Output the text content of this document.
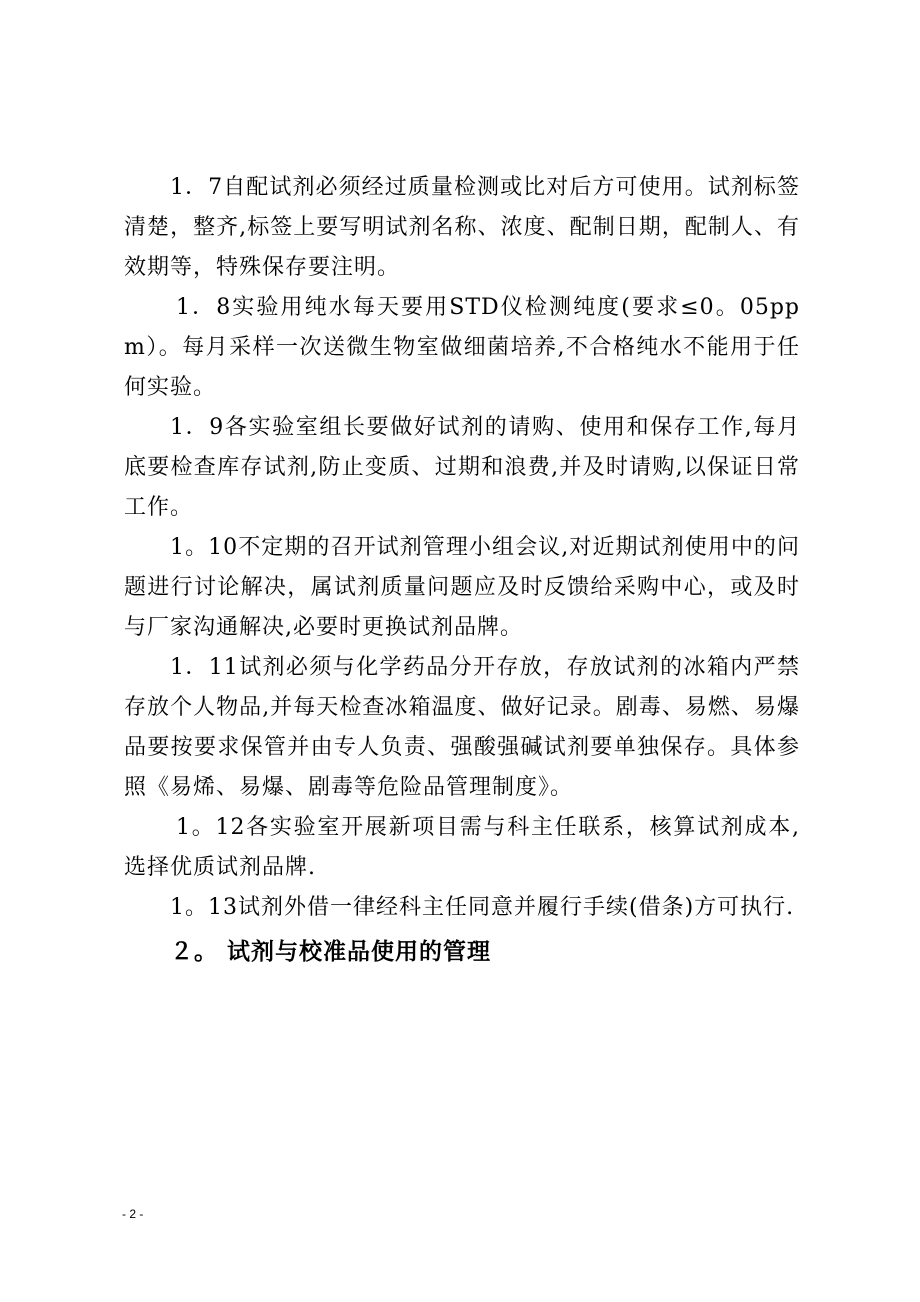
1．7自配试剂必须经过质量检测或比对后方可使用。试剂标签清楚，整齐,标签上要写明试剂名称、浓度、配制日期，配制人、有效期等，特殊保存要注明。

1．8实验用纯水每天要用STD仪检测纯度(要求≤0。05ppm）。每月采样一次送微生物室做细菌培养,不合格纯水不能用于任何实验。

1．9各实验室组长要做好试剂的请购、使用和保存工作,每月底要检查库存试剂,防止变质、过期和浪费,并及时请购,以保证日常工作。

1。10不定期的召开试剂管理小组会议,对近期试剂使用中的问题进行讨论解决，属试剂质量问题应及时反馈给采购中心，或及时与厂家沟通解决,必要时更换试剂品牌。

1．11试剂必须与化学药品分开存放，存放试剂的冰箱内严禁存放个人物品,并每天检查冰箱温度、做好记录。剧毒、易燃、易爆品要按要求保管并由专人负责、强酸强碱试剂要单独保存。具体参照《易烯、易爆、剧毒等危险品管理制度》。

1。12各实验室开展新项目需与科主任联系，核算试剂成本,选择优质试剂品牌.

1。13试剂外借一律经科主任同意并履行手续(借条)方可执行.

２。 试剂与校准品使用的管理

- 2 -
